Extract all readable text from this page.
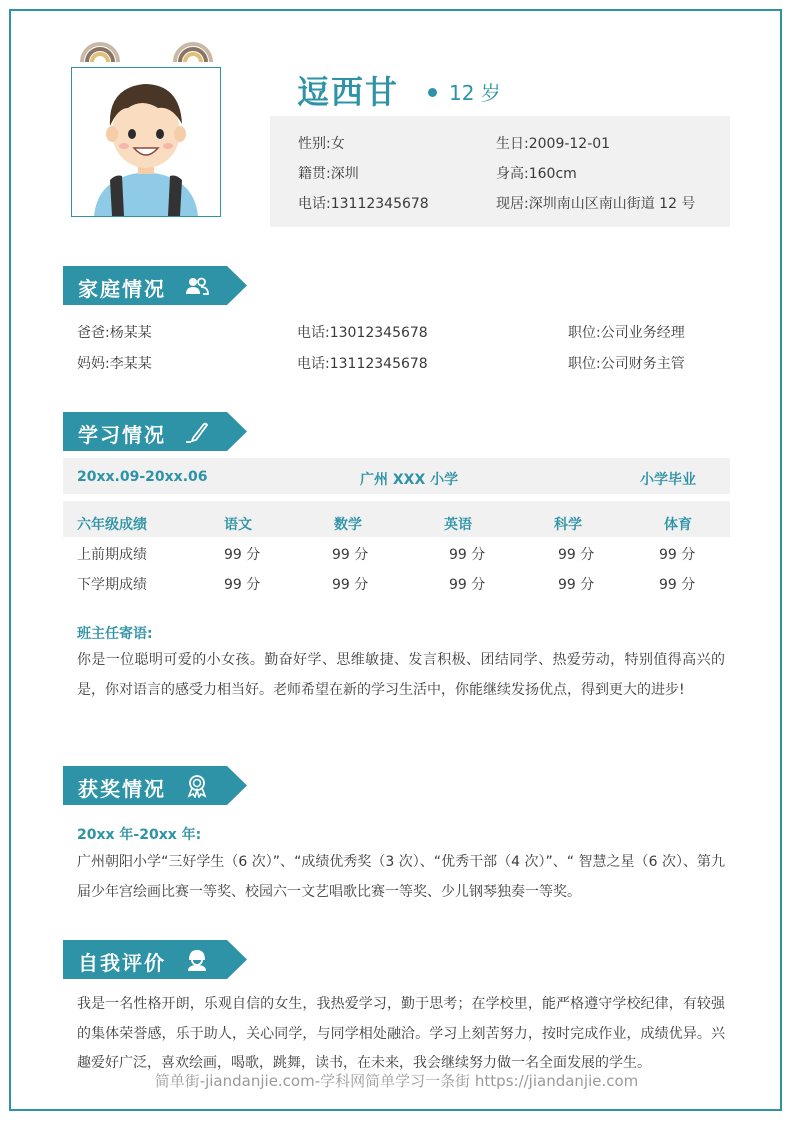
逗西甘	12 岁
性别:女	生日:2009-12-01
籍贯:深圳	身高:160cm
电话:13112345678	现居:深圳南山区南山街道 12 号
家庭情况
爸爸:杨某某	电话:13012345678	职位:公司业务经理
妈妈:李某某	电话:13112345678	职位:公司财务主管
学习情况
20xx.09-20xx.06	广州 XXX 小学	小学毕业
六年级成绩	语文	数学	英语	科学	体育
上前期成绩	99 分	99 分	99 分	99 分	99 分
下学期成绩	99 分	99 分	99 分	99 分	99 分
班主任寄语:
你是一位聪明可爱的小女孩。勤奋好学、思维敏捷、发言积极、团结同学、热爱劳动，特别值得高兴的是，你对语言的感受力相当好。老师希望在新的学习生活中，你能继续发扬优点，得到更大的进步!
获奖情况
20xx 年-20xx 年:
广州朝阳小学“三好学生（6 次）”、“成绩优秀奖（3 次）、“优秀干部（4 次）”、“ 智慧之星（6 次）、第九届少年宫绘画比赛一等奖、校园六一文艺唱歌比赛一等奖、少儿钢琴独奏一等奖。
自我评价
我是一名性格开朗，乐观自信的女生，我热爱学习，勤于思考；在学校里，能严格遵守学校纪律，有较强的集体荣誉感，乐于助人，关心同学，与同学相处融洽。学习上刻苦努力，按时完成作业，成绩优异。兴趣爱好广泛，喜欢绘画，喝歌，跳舞，读书，在未来，我会继续努力做一名全面发展的学生。
简单街-jiandanjie.com-学科网简单学习一条街 https://jiandanjie.com
